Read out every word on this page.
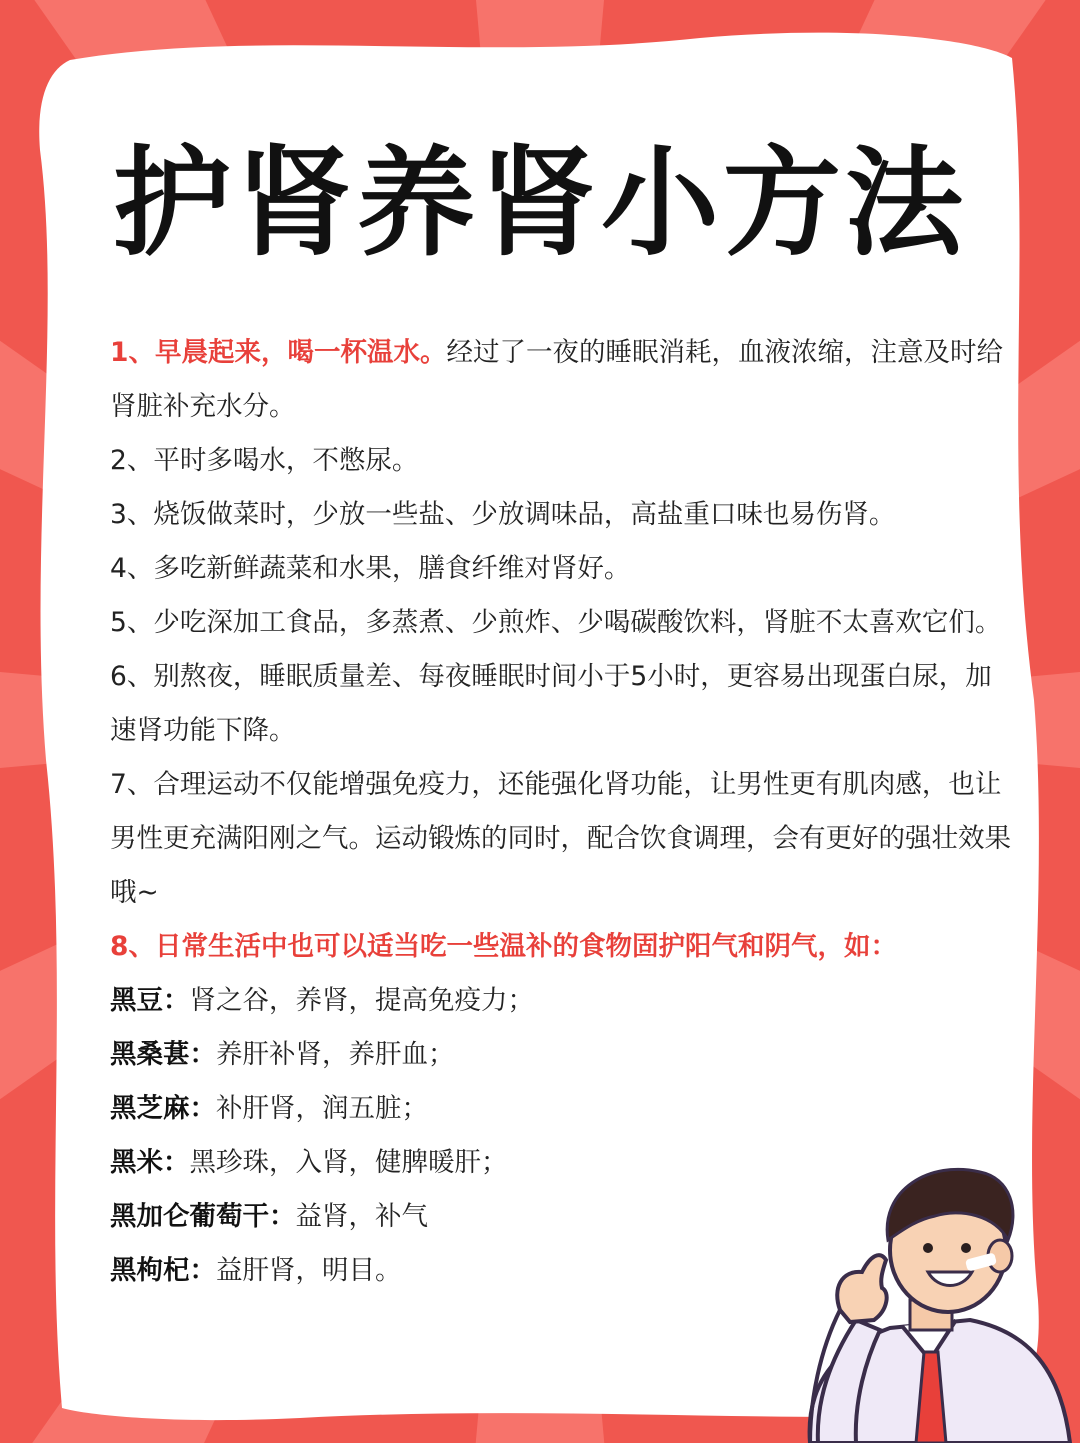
护肾养肾小方法

1、早晨起来，喝一杯温水。经过了一夜的睡眠消耗，血液浓缩，注意及时给肾脏补充水分。

2、平时多喝水，不憋尿。

3、烧饭做菜时，少放一些盐、少放调味品，高盐重口味也易伤肾。

4、多吃新鲜蔬菜和水果，膳食纤维对肾好。

5、少吃深加工食品，多蒸煮、少煎炸、少喝碳酸饮料，肾脏不太喜欢它们。

6、别熬夜，睡眠质量差、每夜睡眠时间小于5小时，更容易出现蛋白尿，加速肾功能下降。

7、合理运动不仅能增强免疫力，还能强化肾功能，让男性更有肌肉感，也让男性更充满阳刚之气。运动锻炼的同时，配合饮食调理，会有更好的强壮效果哦~

8、日常生活中也可以适当吃一些温补的食物固护阳气和阴气，如：

黑豆：肾之谷，养肾，提高免疫力；

黑桑葚：养肝补肾，养肝血；

黑芝麻：补肝肾，润五脏；

黑米：黑珍珠，入肾，健脾暖肝；

黑加仑葡萄干：益肾，补气

黑枸杞：益肝肾，明目。
